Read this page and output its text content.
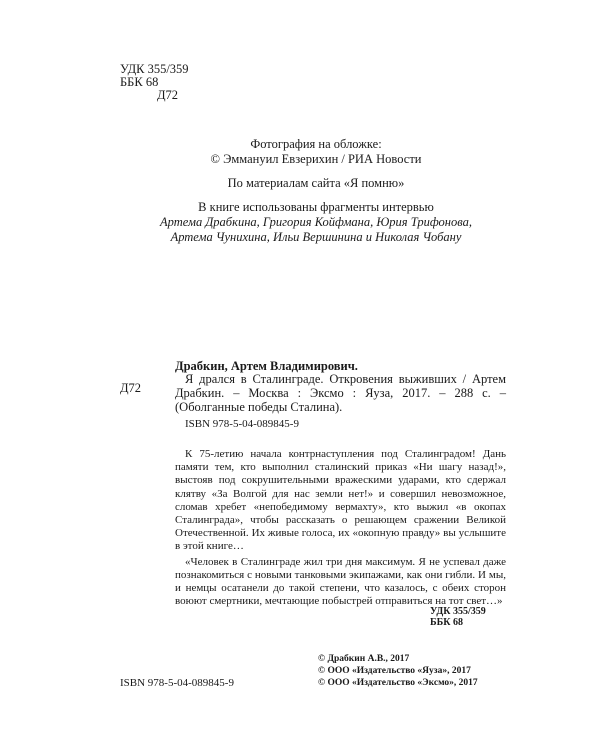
УДК 355/359
ББК 68
Д72
Фотография на обложке:
© Эммануил Евзерихин / РИА Новости
По материалам сайта «Я помню»
В книге использованы фрагменты интервью
Артема Драбкина, Григория Койфмана, Юрия Трифонова,
Артема Чунихина, Ильи Вершинина и Николая Чобану
Д72
Драбкин, Артем Владимирович.

Я дрался в Сталинграде. Откровения выживших / Артем Драбкин. – Москва : Эксмо : Яуза, 2017. – 288 с. – (Оболганные победы Сталина).

ISBN 978-5-04-089845-9

К 75-летию начала контрнаступления под Сталинградом! Дань памяти тем, кто выполнил сталинский приказ «Ни шагу назад!», выстояв под сокрушительными вражескими ударами, кто сдержал клятву «За Волгой для нас земли нет!» и совершил невозможное, сломав хребет «непобедимому вермахту», кто выжил «в окопах Сталинграда», чтобы рассказать о решающем сражении Великой Отечественной. Их живые голоса, их «окопную правду» вы услышите в этой книге…

«Человек в Сталинграде жил три дня максимум. Я не успевал даже познакомиться с новыми танковыми экипажами, как они гибли. И мы, и немцы осатанели до такой степени, что казалось, с обеих сторон воюют смертники, мечтающие побыстрей отправиться на тот свет…»

УДК 355/359
ББК 68
© Драбкин А.В., 2017
© ООО «Издательство «Яуза», 2017
© ООО «Издательство «Эксмо», 2017
ISBN 978-5-04-089845-9
